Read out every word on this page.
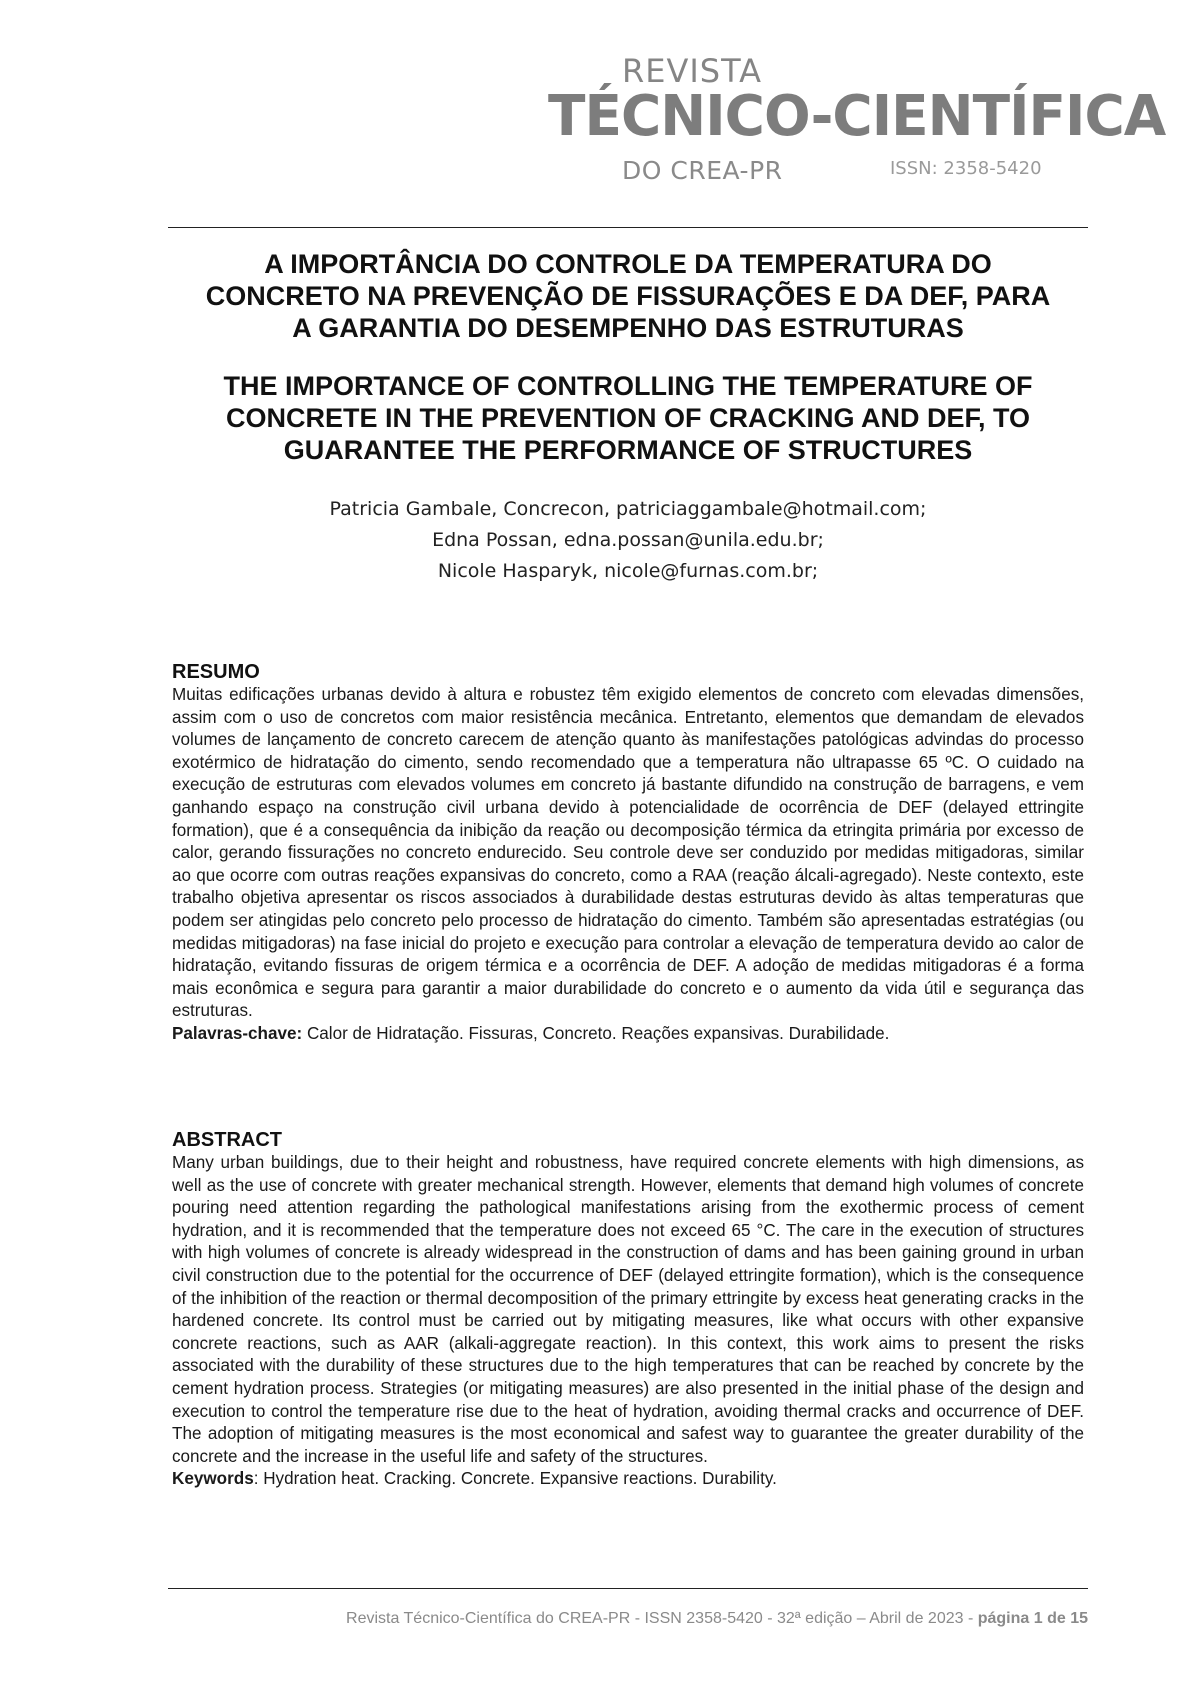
REVISTA
TÉCNICO-CIENTÍFICA
DO CREA-PR	ISSN: 2358-5420
A IMPORTÂNCIA DO CONTROLE DA TEMPERATURA DO
CONCRETO NA PREVENÇÃO DE FISSURAÇÕES E DA DEF, PARA
A GARANTIA DO DESEMPENHO DAS ESTRUTURAS
THE IMPORTANCE OF CONTROLLING THE TEMPERATURE OF
CONCRETE IN THE PREVENTION OF CRACKING AND DEF, TO
GUARANTEE THE PERFORMANCE OF STRUCTURES
Patricia Gambale, Concrecon, patriciaggambale@hotmail.com;
Edna Possan, edna.possan@unila.edu.br;
Nicole Hasparyk, nicole@furnas.com.br;

RESUMO

Muitas edificações urbanas devido à altura e robustez têm exigido elementos de concreto com elevadas dimensões, assim com o uso de concretos com maior resistência mecânica. Entretanto, elementos que demandam de elevados volumes de lançamento de concreto carecem de atenção quanto às manifestações patológicas advindas do processo exotérmico de hidratação do cimento, sendo recomendado que a temperatura não ultrapasse 65 ºC. O cuidado na execução de estruturas com elevados volumes em concreto já bastante difundido na construção de barragens, e vem ganhando espaço na construção civil urbana devido à potencialidade de ocorrência de DEF (delayed ettringite formation), que é a consequência da inibição da reação ou decomposição térmica da etringita primária por excesso de calor, gerando fissurações no concreto endurecido. Seu controle deve ser conduzido por medidas mitigadoras, similar ao que ocorre com outras reações expansivas do concreto, como a RAA (reação álcali-agregado). Neste contexto, este trabalho objetiva apresentar os riscos associados à durabilidade destas estruturas devido às altas temperaturas que podem ser atingidas pelo concreto pelo processo de hidratação do cimento. Também são apresentadas estratégias (ou medidas mitigadoras) na fase inicial do projeto e execução para controlar a elevação de temperatura devido ao calor de hidratação, evitando fissuras de origem térmica e a ocorrência de DEF. A adoção de medidas mitigadoras é a forma mais econômica e segura para garantir a maior durabilidade do concreto e o aumento da vida útil e segurança das estruturas.

Palavras-chave: Calor de Hidratação. Fissuras, Concreto. Reações expansivas. Durabilidade.

ABSTRACT

Many urban buildings, due to their height and robustness, have required concrete elements with high dimensions, as well as the use of concrete with greater mechanical strength. However, elements that demand high volumes of concrete pouring need attention regarding the pathological manifestations arising from the exothermic process of cement hydration, and it is recommended that the temperature does not exceed 65 °C. The care in the execution of structures with high volumes of concrete is already widespread in the construction of dams and has been gaining ground in urban civil construction due to the potential for the occurrence of DEF (delayed ettringite formation), which is the consequence of the inhibition of the reaction or thermal decomposition of the primary ettringite by excess heat generating cracks in the hardened concrete. Its control must be carried out by mitigating measures, like what occurs with other expansive concrete reactions, such as AAR (alkali-aggregate reaction). In this context, this work aims to present the risks associated with the durability of these structures due to the high temperatures that can be reached by concrete by the cement hydration process. Strategies (or mitigating measures) are also presented in the initial phase of the design and execution to control the temperature rise due to the heat of hydration, avoiding thermal cracks and occurrence of DEF. The adoption of mitigating measures is the most economical and safest way to guarantee the greater durability of the concrete and the increase in the useful life and safety of the structures.

Keywords: Hydration heat. Cracking. Concrete. Expansive reactions. Durability.

Revista Técnico-Científica do CREA-PR - ISSN 2358-5420 - 32ª edição – Abril de 2023 - página 1 de 15
